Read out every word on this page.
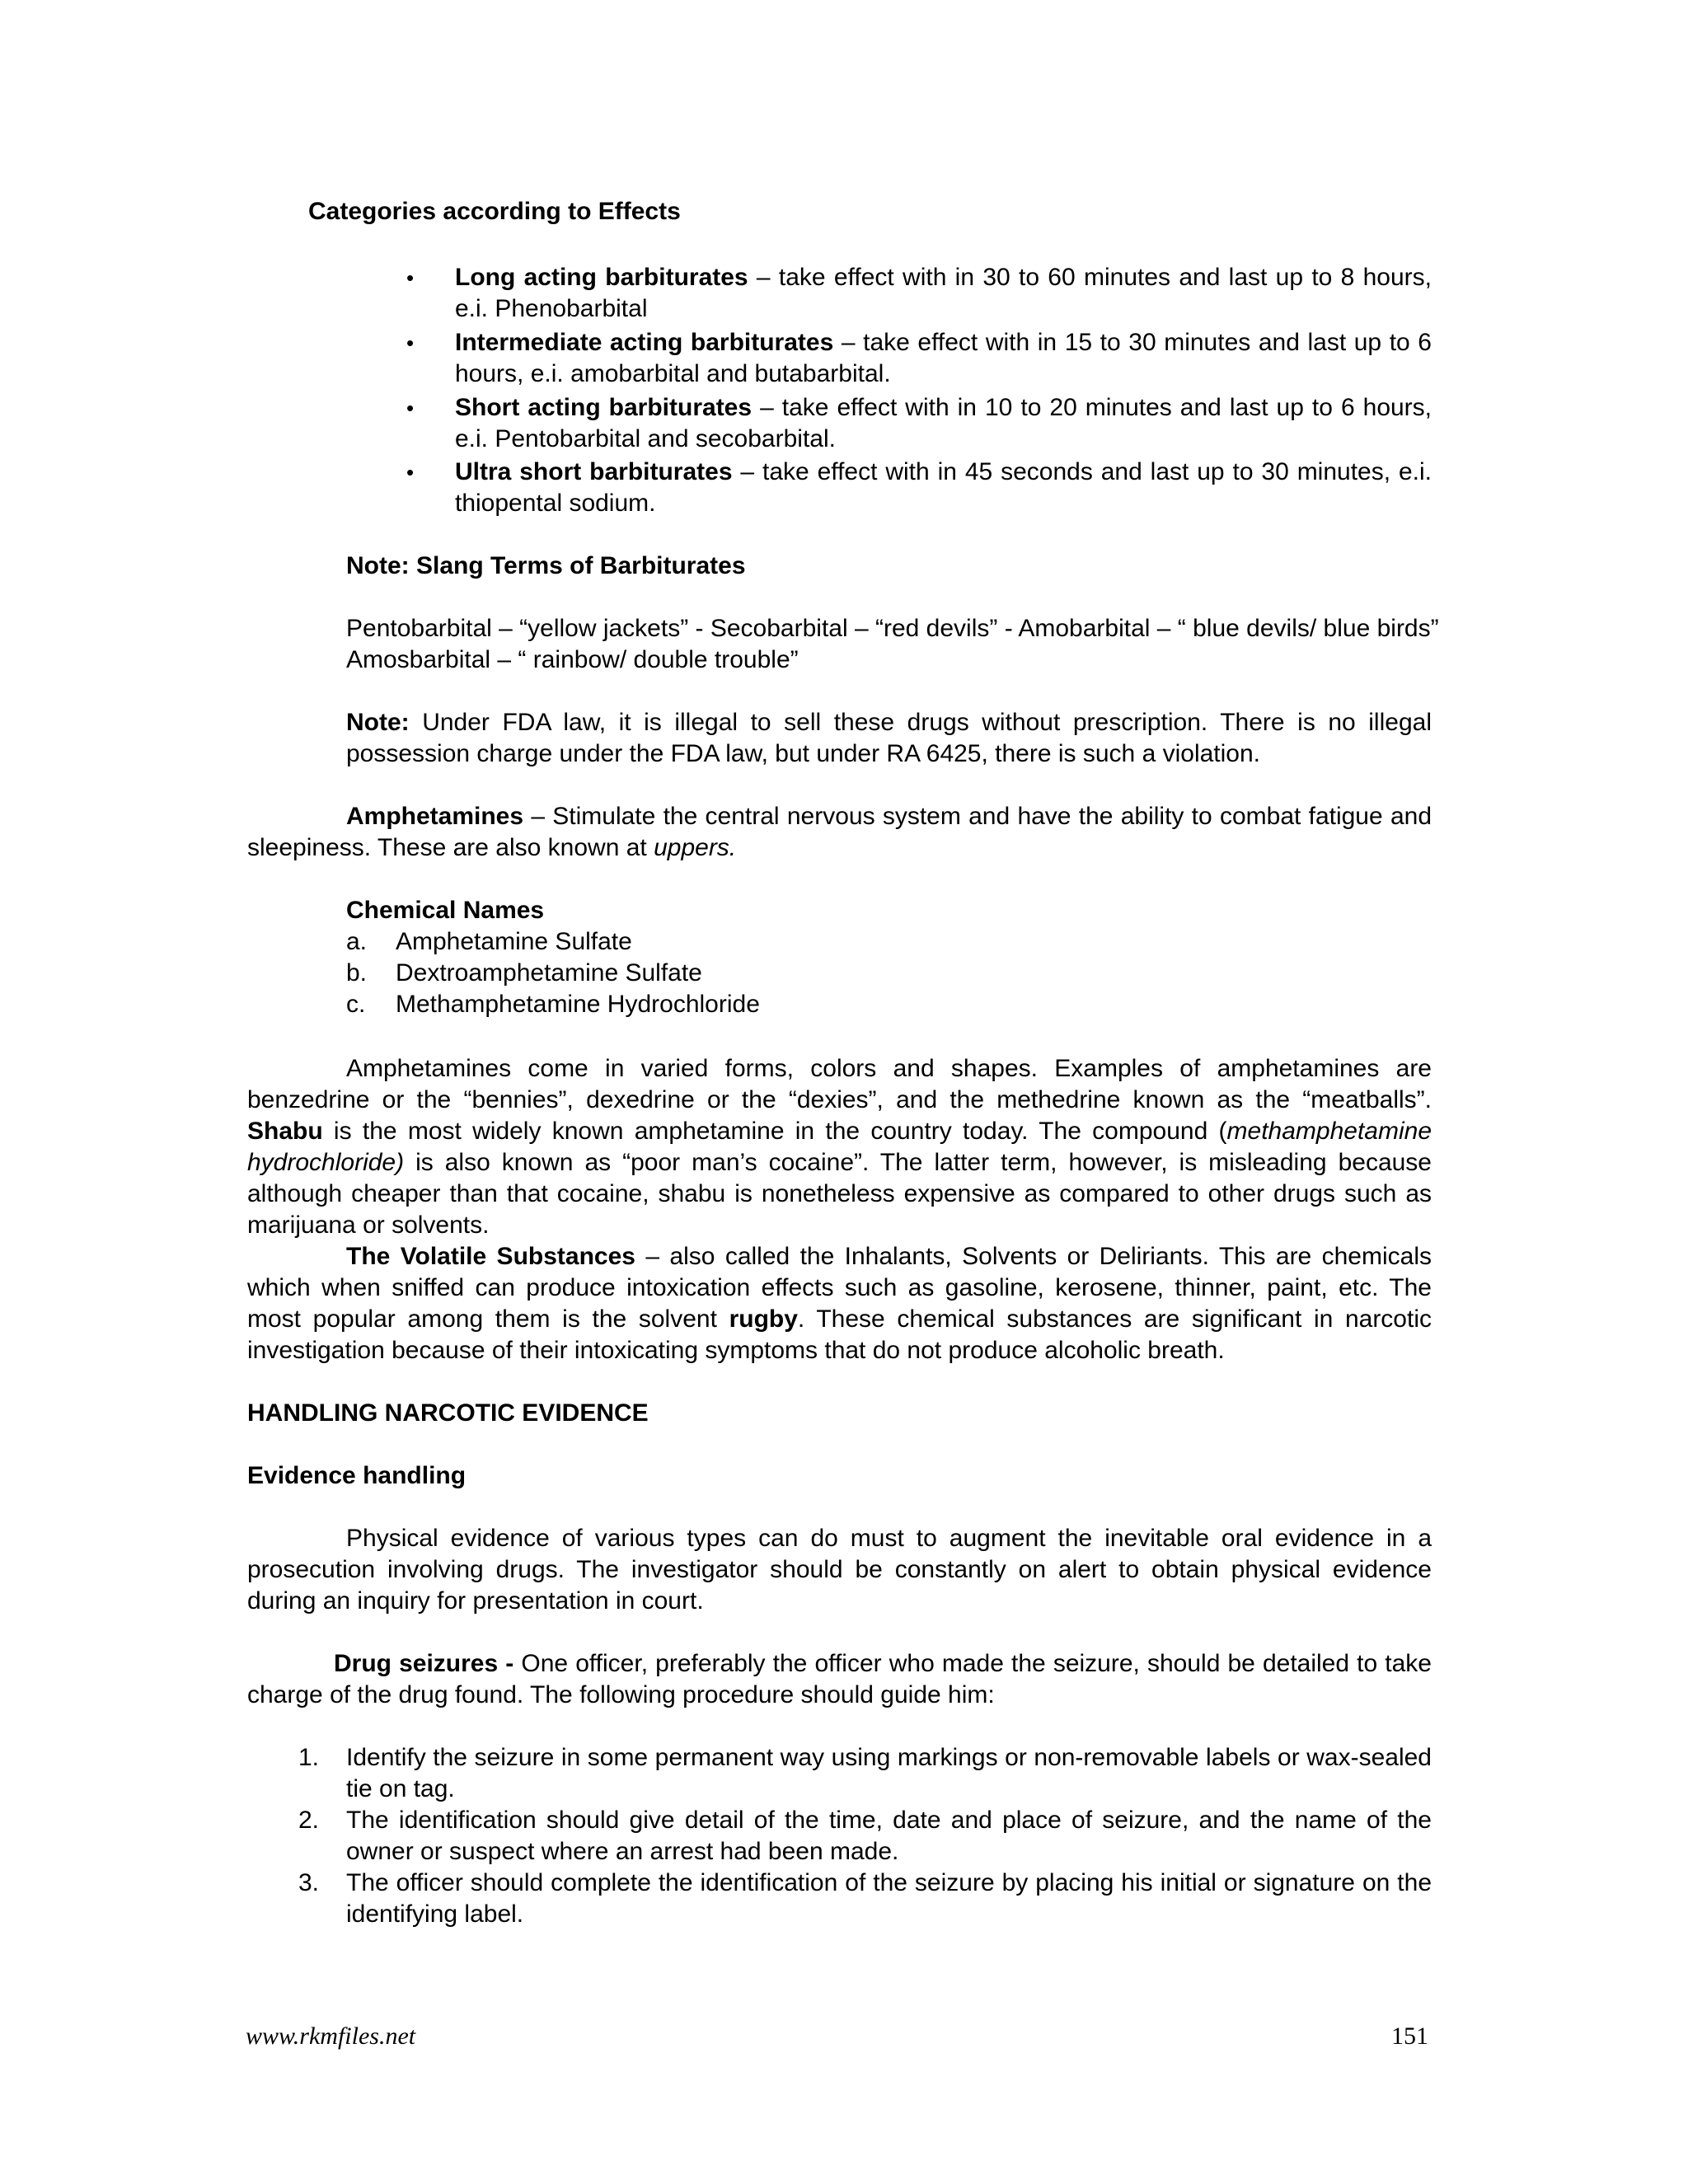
Categories according to Effects
• Long acting barbiturates – take effect with in 30 to 60 minutes and last up to 8 hours, e.i. Phenobarbital
• Intermediate acting barbiturates – take effect with in 15 to 30 minutes and last up to 6 hours, e.i. amobarbital and butabarbital.
• Short acting barbiturates – take effect with in 10 to 20 minutes and last up to 6 hours, e.i. Pentobarbital and secobarbital.
• Ultra short barbiturates – take effect with in 45 seconds and last up to 30 minutes, e.i. thiopental sodium.
Note: Slang Terms of Barbiturates
Pentobarbital – “yellow jackets” - Secobarbital – “red devils” - Amobarbital – “ blue devils/ blue birds”
Amosbarbital – “ rainbow/ double trouble”
Note: Under FDA law, it is illegal to sell these drugs without prescription. There is no illegal possession charge under the FDA law, but under RA 6425, there is such a violation.
Amphetamines – Stimulate the central nervous system and have the ability to combat fatigue and sleepiness. These are also known at uppers.
Chemical Names
a. Amphetamine Sulfate
b. Dextroamphetamine Sulfate
c. Methamphetamine Hydrochloride
Amphetamines come in varied forms, colors and shapes. Examples of amphetamines are benzedrine or the “bennies”, dexedrine or the “dexies”, and the methedrine known as the “meatballs”. Shabu is the most widely known amphetamine in the country today. The compound (methamphetamine hydrochloride) is also known as “poor man’s cocaine”. The latter term, however, is misleading because although cheaper than that cocaine, shabu is nonetheless expensive as compared to other drugs such as marijuana or solvents.
The Volatile Substances – also called the Inhalants, Solvents or Deliriants. This are chemicals which when sniffed can produce intoxication effects such as gasoline, kerosene, thinner, paint, etc. The most popular among them is the solvent rugby. These chemical substances are significant in narcotic investigation because of their intoxicating symptoms that do not produce alcoholic breath.
HANDLING NARCOTIC EVIDENCE
Evidence handling
Physical evidence of various types can do must to augment the inevitable oral evidence in a prosecution involving drugs. The investigator should be constantly on alert to obtain physical evidence during an inquiry for presentation in court.
Drug seizures - One officer, preferably the officer who made the seizure, should be detailed to take charge of the drug found. The following procedure should guide him:
1. Identify the seizure in some permanent way using markings or non-removable labels or wax-sealed tie on tag.
2. The identification should give detail of the time, date and place of seizure, and the name of the owner or suspect where an arrest had been made.
3. The officer should complete the identification of the seizure by placing his initial or signature on the identifying label.
www.rkmfiles.net	151
